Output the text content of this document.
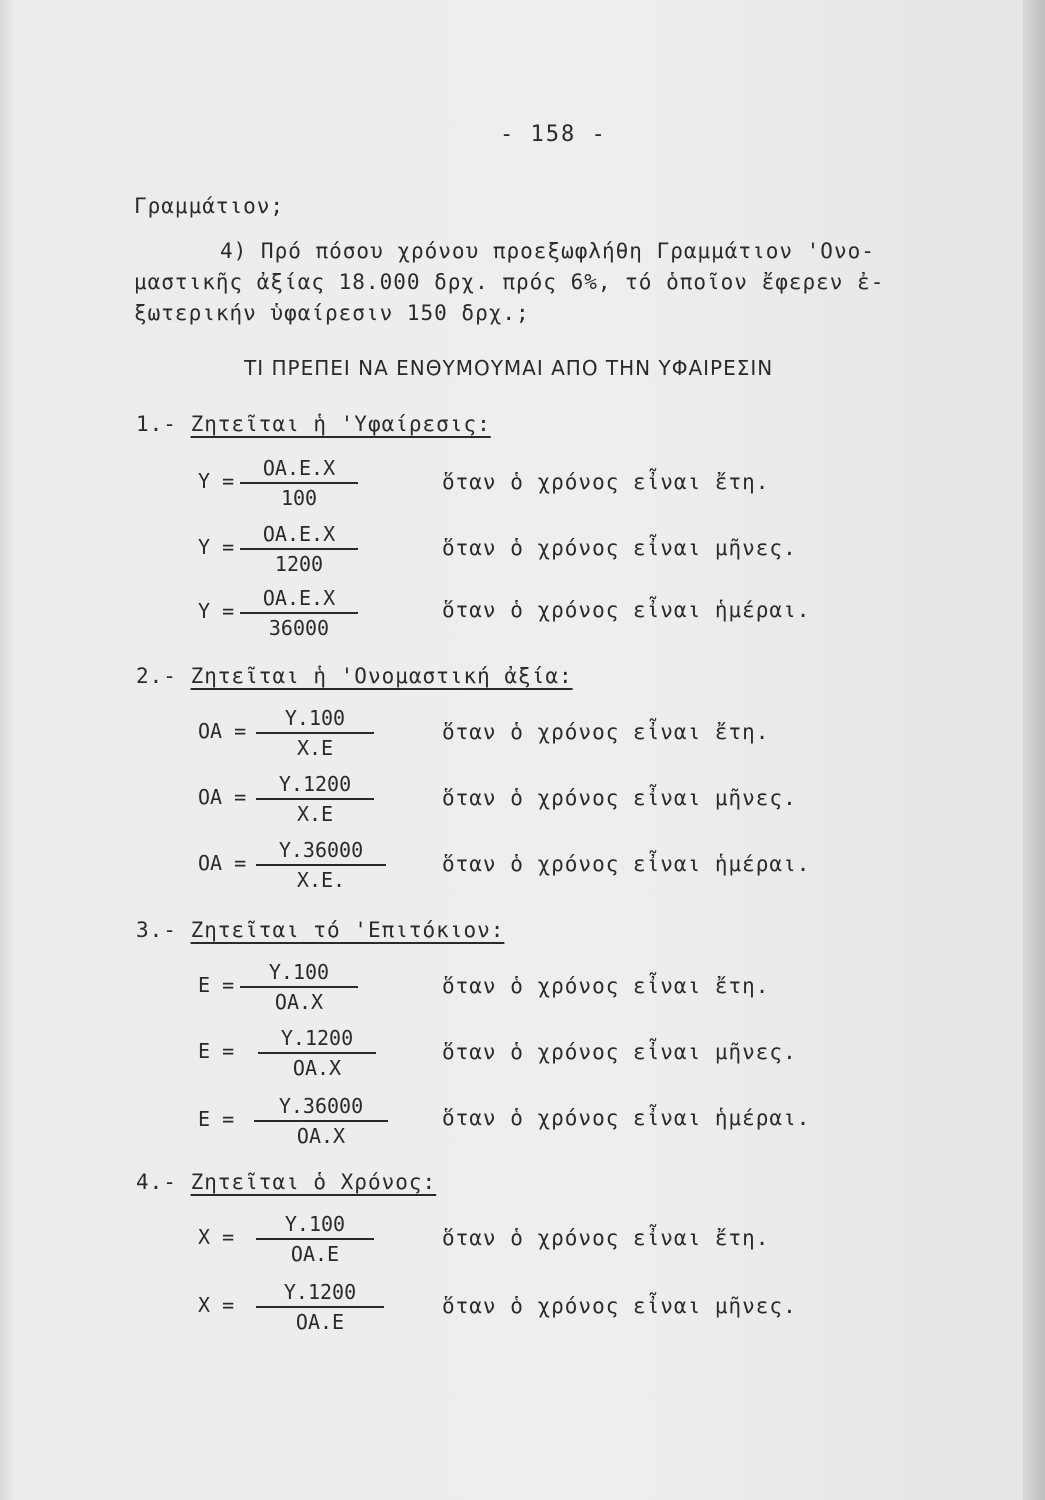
- 158 -
Γραμμάτιον;
4) Πρό πόσου χρόνου προεξωφλήθη Γραμμάτιον 'Ονο-
μαστικῆς ἀξίας 18.000 δρχ. πρός 6%, τό ὁποῖον ἔφερεν ἐ-
ξωτερικήν ὑφαίρεσιν 150 δρχ.;
ΤΙ ΠΡΕΠΕΙ ΝΑ ΕΝΘΥΜΟΥΜΑΙ ΑΠΟ ΤΗΝ ΥΦΑΙΡΕΣΙΝ
1.- Ζητεῖται ἡ 'Υφαίρεσις:
Υ =
ΟΑ.Ε.Χ
100
ὅταν ὁ χρόνος εἶναι ἔτη.
Υ =
ΟΑ.Ε.Χ
1200
ὅταν ὁ χρόνος εἶναι μῆνες.
Υ =
ΟΑ.Ε.Χ
36000
ὅταν ὁ χρόνος εἶναι ἡμέραι.
2.- Ζητεῖται ἡ 'Ονομαστική ἀξία:
ΟΑ =
Υ.100
Χ.Ε
ὅταν ὁ χρόνος εἶναι ἔτη.
ΟΑ =
Υ.1200
Χ.Ε
ὅταν ὁ χρόνος εἶναι μῆνες.
ΟΑ =
Υ.36000
Χ.Ε.
ὅταν ὁ χρόνος εἶναι ἡμέραι.
3.- Ζητεῖται τό 'Επιτόκιον:
Ε =
Υ.100
ΟΑ.Χ
ὅταν ὁ χρόνος εἶναι ἔτη.
Ε =
Υ.1200
ΟΑ.Χ
ὅταν ὁ χρόνος εἶναι μῆνες.
Ε =
Υ.36000
ΟΑ.Χ
ὅταν ὁ χρόνος εἶναι ἡμέραι.
4.- Ζητεῖται ὁ Χρόνος:
Χ =
Υ.100
ΟΑ.Ε
ὅταν ὁ χρόνος εἶναι ἔτη.
Χ =
Υ.1200
ΟΑ.Ε
ὅταν ὁ χρόνος εἶναι μῆνες.
